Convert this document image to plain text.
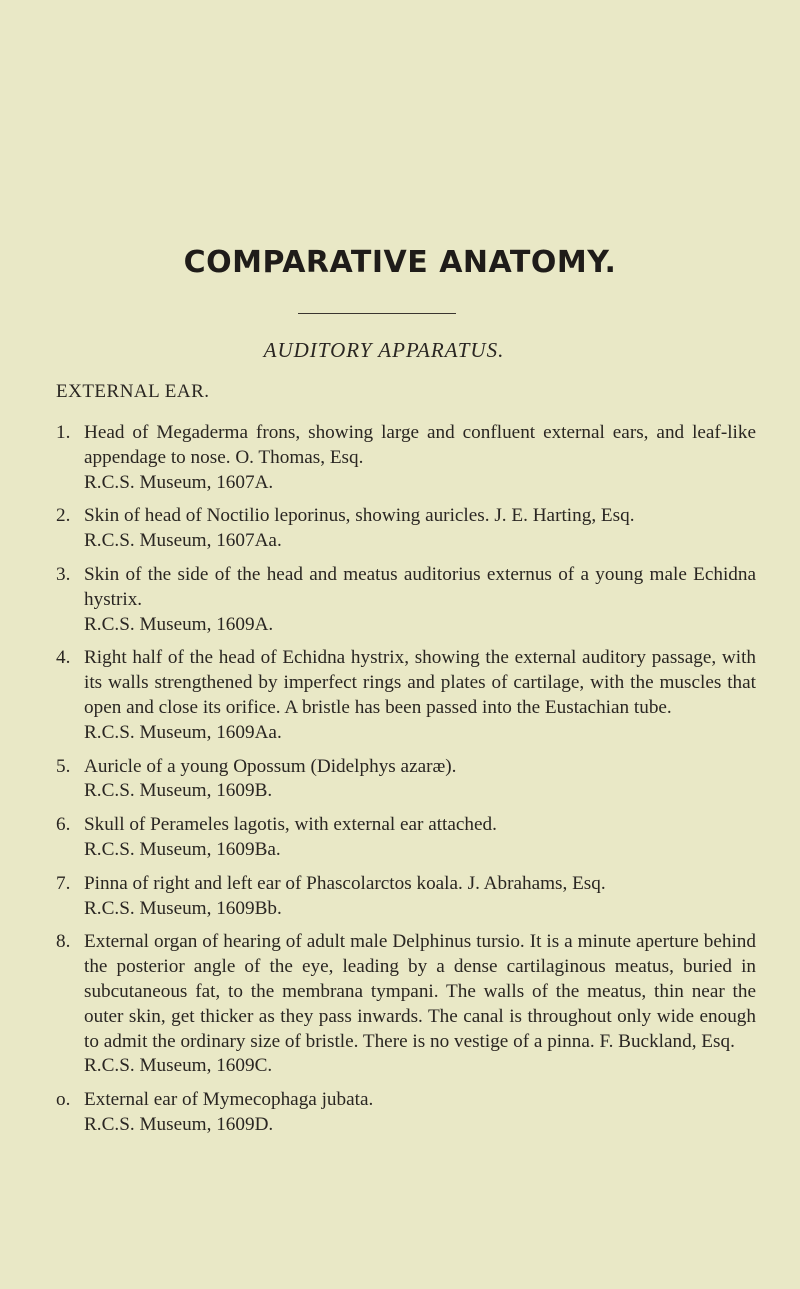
COMPARATIVE ANATOMY.
AUDITORY APPARATUS.
EXTERNAL EAR.
1. Head of Megaderma frons, showing large and confluent external ears, and leaf-like appendage to nose. O. Thomas, Esq.
R.C.S. Museum, 1607A.
2. Skin of head of Noctilio leporinus, showing auricles. J. E. Harting, Esq.
R.C.S. Museum, 1607Aa.
3. Skin of the side of the head and meatus auditorius externus of a young male Echidna hystrix.
R.C.S. Museum, 1609A.
4. Right half of the head of Echidna hystrix, showing the external auditory passage, with its walls strengthened by imperfect rings and plates of cartilage, with the muscles that open and close its orifice. A bristle has been passed into the Eustachian tube.
R.C.S. Museum, 1609Aa.
5. Auricle of a young Opossum (Didelphys azaræ).
R.C.S. Museum, 1609B.
6. Skull of Perameles lagotis, with external ear attached.
R.C.S. Museum, 1609Ba.
7. Pinna of right and left ear of Phascolarctos koala. J. Abrahams, Esq.
R.C.S. Museum, 1609Bb.
8. External organ of hearing of adult male Delphinus tursio. It is a minute aperture behind the posterior angle of the eye, leading by a dense cartilaginous meatus, buried in subcutaneous fat, to the membrana tympani. The walls of the meatus, thin near the outer skin, get thicker as they pass inwards. The canal is throughout only wide enough to admit the ordinary size of bristle. There is no vestige of a pinna. F. Buckland, Esq.
R.C.S. Museum, 1609C.
o. External ear of Mymecophaga jubata.
R.C.S. Museum, 1609D.
